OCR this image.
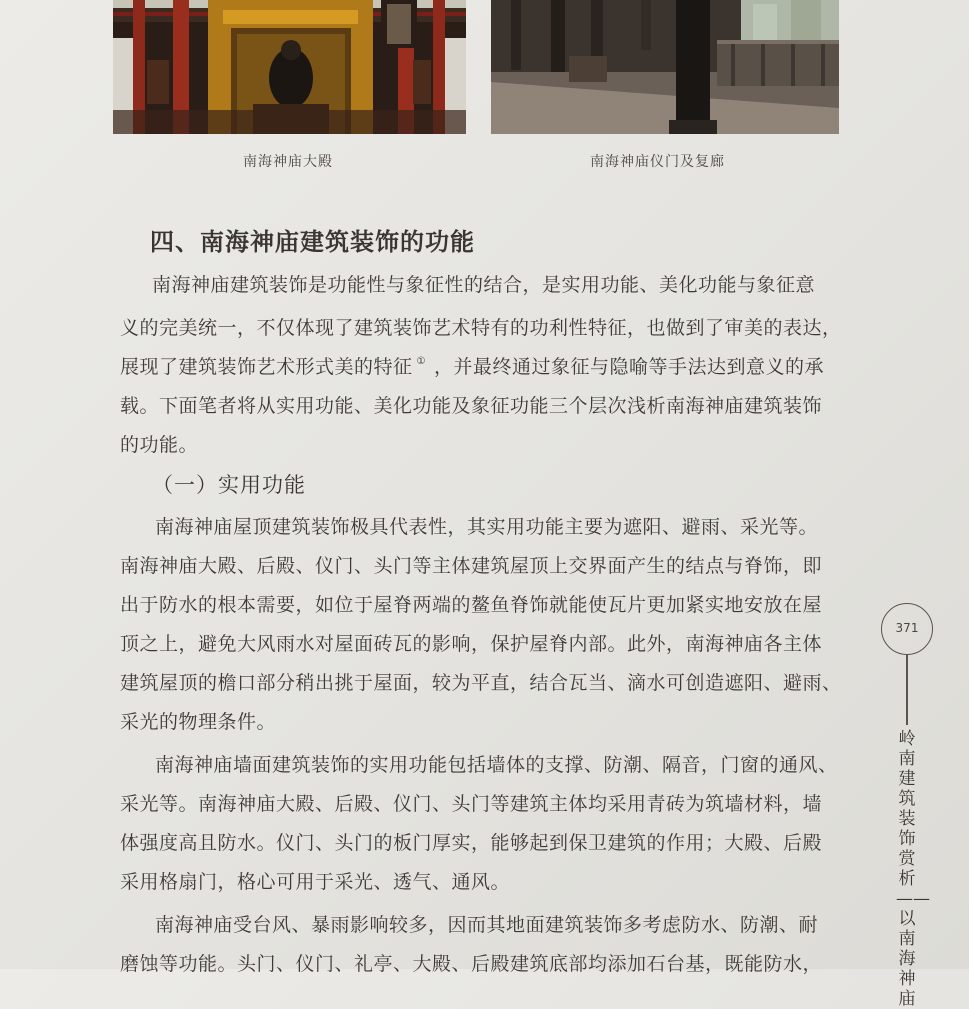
南海神庙大殿	南海神庙仪门及复廊
四、南海神庙建筑装饰的功能
南海神庙建筑装饰是功能性与象征性的结合，是实用功能、美化功能与象征意
义的完美统一，不仅体现了建筑装饰艺术特有的功利性特征，也做到了审美的表达，
展现了建筑装饰艺术形式美的特征 ① ，并最终通过象征与隐喻等手法达到意义的承
载。下面笔者将从实用功能、美化功能及象征功能三个层次浅析南海神庙建筑装饰
的功能。
（一）实用功能
南海神庙屋顶建筑装饰极具代表性，其实用功能主要为遮阳、避雨、采光等。
南海神庙大殿、后殿、仪门、头门等主体建筑屋顶上交界面产生的结点与脊饰，即
出于防水的根本需要，如位于屋脊两端的鳌鱼脊饰就能使瓦片更加紧实地安放在屋
顶之上，避免大风雨水对屋面砖瓦的影响，保护屋脊内部。此外，南海神庙各主体
建筑屋顶的檐口部分稍出挑于屋面，较为平直，结合瓦当、滴水可创造遮阳、避雨、
采光的物理条件。
南海神庙墙面建筑装饰的实用功能包括墙体的支撑、防潮、隔音，门窗的通风、
采光等。南海神庙大殿、后殿、仪门、头门等建筑主体均采用青砖为筑墙材料，墙
体强度高且防水。仪门、头门的板门厚实，能够起到保卫建筑的作用；大殿、后殿
采用格扇门，格心可用于采光、透气、通风。
南海神庙受台风、暴雨影响较多，因而其地面建筑装饰多考虑防水、防潮、耐
磨蚀等功能。头门、仪门、礼亭、大殿、后殿建筑底部均添加石台基，既能防水，
371
岭南建筑装饰赏析——以南海神庙
